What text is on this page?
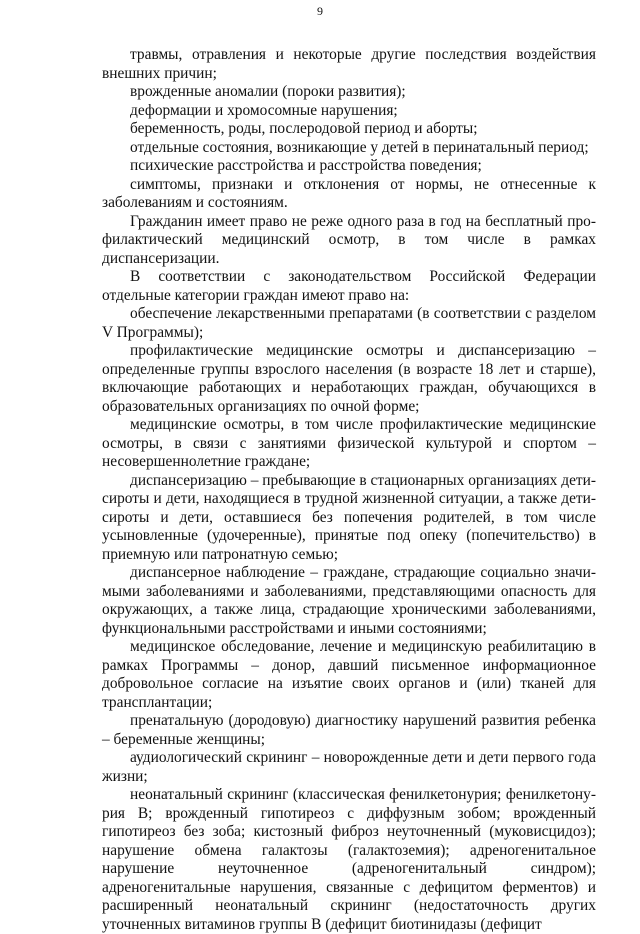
9

травмы, отравления и некоторые другие последствия воздействия внешних причин;

врожденные аномалии (пороки развития);

деформации и хромосомные нарушения;

беременность, роды, послеродовой период и аборты;

отдельные состояния, возникающие у детей в перинатальный период;

психические расстройства и расстройства поведения;

симптомы, признаки и отклонения от нормы, не отнесенные к заболеваниям и состояниям.

Гражданин имеет право не реже одного раза в год на бесплатный профилактический медицинский осмотр, в том числе в рамках диспансеризации.

В соответствии с законодательством Российской Федерации отдельные категории граждан имеют право на:

обеспечение лекарственными препаратами (в соответствии с разделом V Программы);

профилактические медицинские осмотры и диспансеризацию – определенные группы взрослого населения (в возрасте 18 лет и старше), включающие работающих и неработающих граждан, обучающихся в образовательных организациях по очной форме;

медицинские осмотры, в том числе профилактические медицинские осмотры, в связи с занятиями физической культурой и спортом – несовершеннолетние граждане;

диспансеризацию – пребывающие в стационарных организациях дети-сироты и дети, находящиеся в трудной жизненной ситуации, а также дети-сироты и дети, оставшиеся без попечения родителей, в том числе усыновленные (удочеренные), принятые под опеку (попечительство) в приемную или патронатную семью;

диспансерное наблюдение – граждане, страдающие социально значимыми заболеваниями и заболеваниями, представляющими опасность для окружающих, а также лица, страдающие хроническими заболеваниями, функциональными расстройствами и иными состояниями;

медицинское обследование, лечение и медицинскую реабилитацию в рамках Программы – донор, давший письменное информационное добровольное согласие на изъятие своих органов и (или) тканей для трансплантации;

пренатальную (дородовую) диагностику нарушений развития ребенка – беременные женщины;

аудиологический скрининг – новорожденные дети и дети первого года жизни;

неонатальный скрининг (классическая фенилкетонурия; фенилкетонурия B; врожденный гипотиреоз с диффузным зобом; врожденный гипотиреоз без зоба; кистозный фиброз неуточненный (муковисцидоз); нарушение обмена галактозы (галактоземия); адреногенитальное нарушение неуточненное (адреногенитальный синдром); адреногенитальные нарушения, связанные с дефицитом ферментов) и расширенный неонатальный скрининг (недостаточность других уточненных витаминов группы B (дефицит биотинидазы (дефицит
